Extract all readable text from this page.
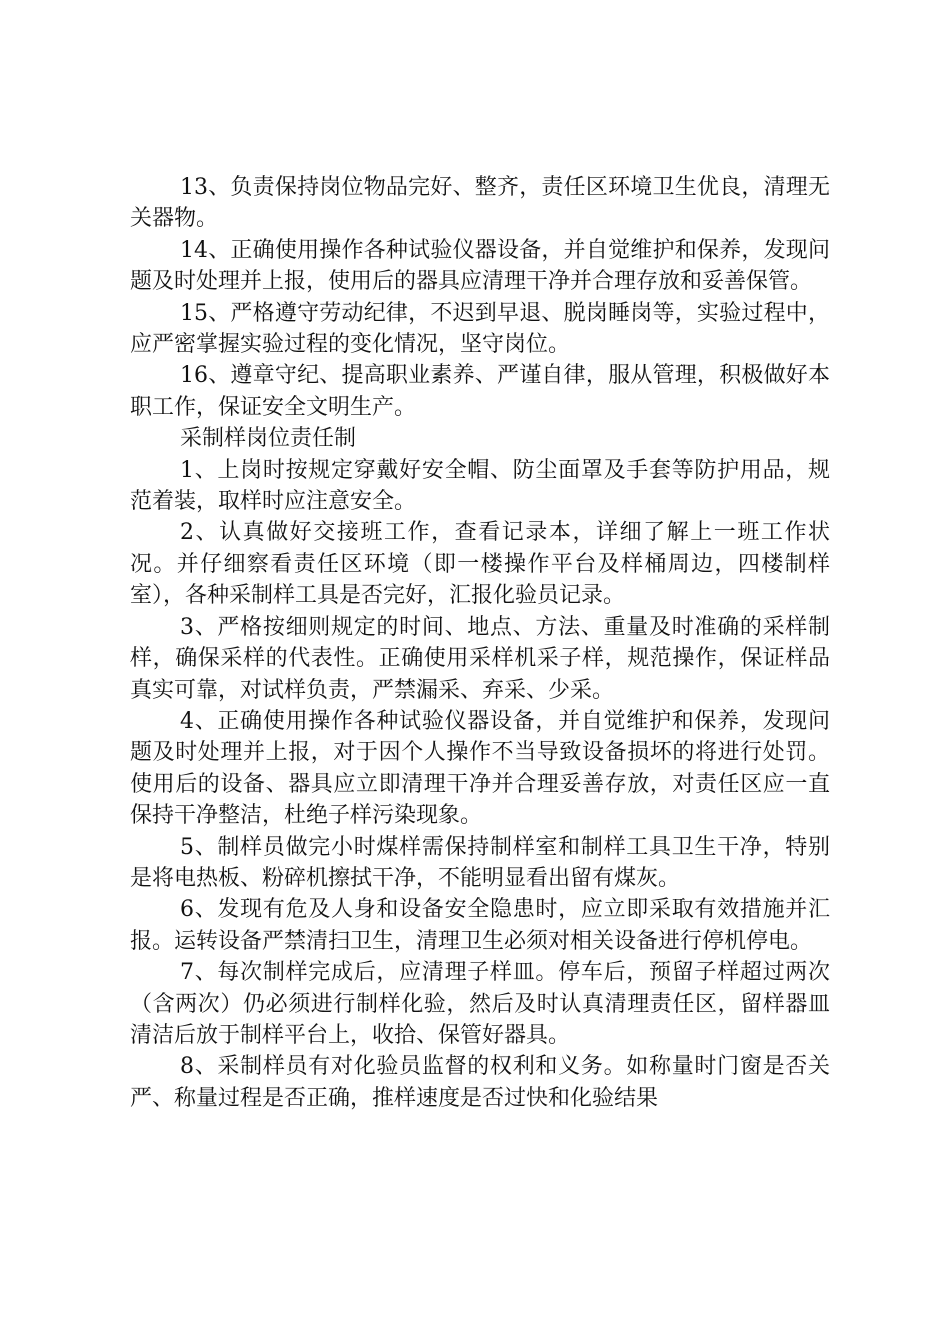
13、负责保持岗位物品完好、整齐，责任区环境卫生优良，清理无关器物。

14、正确使用操作各种试验仪器设备，并自觉维护和保养，发现问题及时处理并上报，使用后的器具应清理干净并合理存放和妥善保管。

15、严格遵守劳动纪律，不迟到早退、脱岗睡岗等，实验过程中，应严密掌握实验过程的变化情况，坚守岗位。

16、遵章守纪、提高职业素养、严谨自律，服从管理，积极做好本职工作，保证安全文明生产。

采制样岗位责任制

1、上岗时按规定穿戴好安全帽、防尘面罩及手套等防护用品，规范着装，取样时应注意安全。

2、认真做好交接班工作，查看记录本，详细了解上一班工作状况。并仔细察看责任区环境（即一楼操作平台及样桶周边，四楼制样室），各种采制样工具是否完好，汇报化验员记录。

3、严格按细则规定的时间、地点、方法、重量及时准确的采样制样，确保采样的代表性。正确使用采样机采子样，规范操作，保证样品真实可靠，对试样负责，严禁漏采、弃采、少采。

4、正确使用操作各种试验仪器设备，并自觉维护和保养，发现问题及时处理并上报，对于因个人操作不当导致设备损坏的将进行处罚。使用后的设备、器具应立即清理干净并合理妥善存放，对责任区应一直保持干净整洁，杜绝子样污染现象。

5、制样员做完小时煤样需保持制样室和制样工具卫生干净，特别是将电热板、粉碎机擦拭干净，不能明显看出留有煤灰。

6、发现有危及人身和设备安全隐患时，应立即采取有效措施并汇报。运转设备严禁清扫卫生，清理卫生必须对相关设备进行停机停电。

7、每次制样完成后，应清理子样皿。停车后，预留子样超过两次（含两次）仍必须进行制样化验，然后及时认真清理责任区，留样器皿清洁后放于制样平台上，收拾、保管好器具。

8、采制样员有对化验员监督的权利和义务。如称量时门窗是否关严、称量过程是否正确，推样速度是否过快和化验结果
